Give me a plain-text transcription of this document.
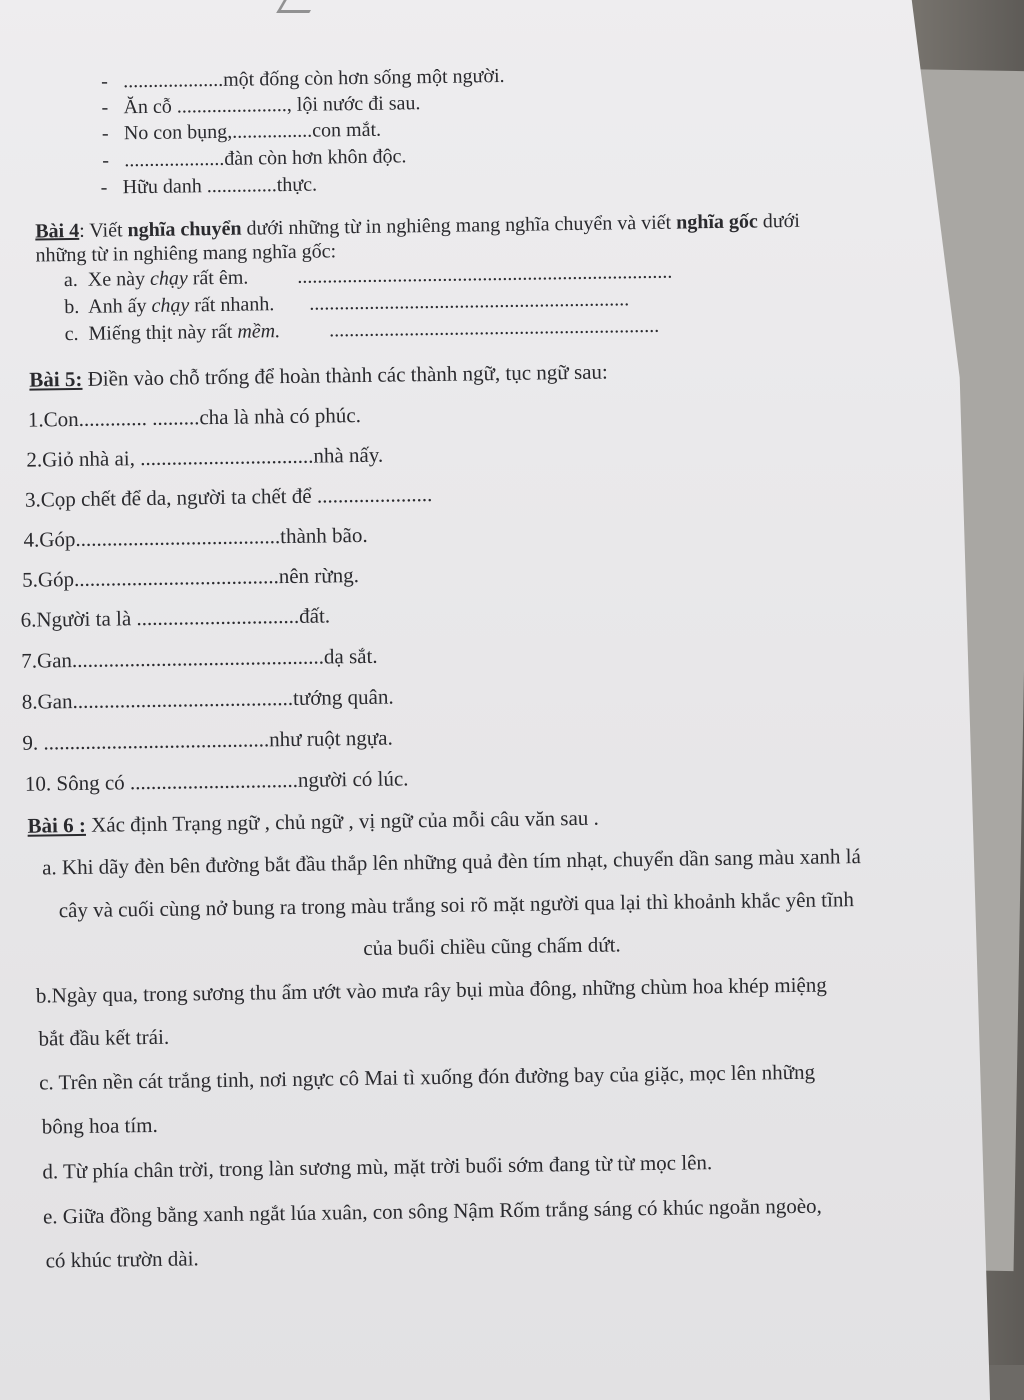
- ....................một đống còn hơn sống một người.
- Ăn cỗ ......................, lội nước đi sau.
- No con bụng,................con mắt.
- ....................đàn còn hơn khôn độc.
- Hữu danh ..............thực.
Bài 4: Viết nghĩa chuyển dưới những từ in nghiêng mang nghĩa chuyển và viết nghĩa gốc dưới
những từ in nghiêng mang nghĩa gốc:
a. Xe này chạy rất êm. ...........................................................................
b. Anh ấy chạy rất nhanh. ................................................................
c. Miếng thịt này rất mềm. ..................................................................
Bài 5: Điền vào chỗ trống để hoàn thành các thành ngữ, tục ngữ sau:
1.Con............. .........cha là nhà có phúc.
2.Giỏ nhà ai, .................................nhà nấy.
3.Cọp chết để da, người ta chết để ......................
4.Góp.......................................thành bão.
5.Góp.......................................nên rừng.
6.Người ta là ...............................đất.
7.Gan................................................dạ sắt.
8.Gan..........................................tướng quân.
9. ...........................................như ruột ngựa.
10. Sông có ................................người có lúc.
Bài 6 : Xác định Trạng ngữ , chủ ngữ , vị ngữ của mỗi câu văn sau .
a. Khi dãy đèn bên đường bắt đầu thắp lên những quả đèn tím nhạt, chuyển dần sang màu xanh lá
cây và cuối cùng nở bung ra trong màu trắng soi rõ mặt người qua lại thì khoảnh khắc yên tĩnh
của buổi chiều cũng chấm dứt.
b.Ngày qua, trong sương thu ẩm ướt vào mưa rây bụi mùa đông, những chùm hoa khép miệng
bắt đầu kết trái.
c. Trên nền cát trắng tinh, nơi ngực cô Mai tì xuống đón đường bay của giặc, mọc lên những
bông hoa tím.
d. Từ phía chân trời, trong làn sương mù, mặt trời buổi sớm đang từ từ mọc lên.
e. Giữa đồng bằng xanh ngắt lúa xuân, con sông Nậm Rốm trắng sáng có khúc ngoằn ngoèo,
có khúc trườn dài.
